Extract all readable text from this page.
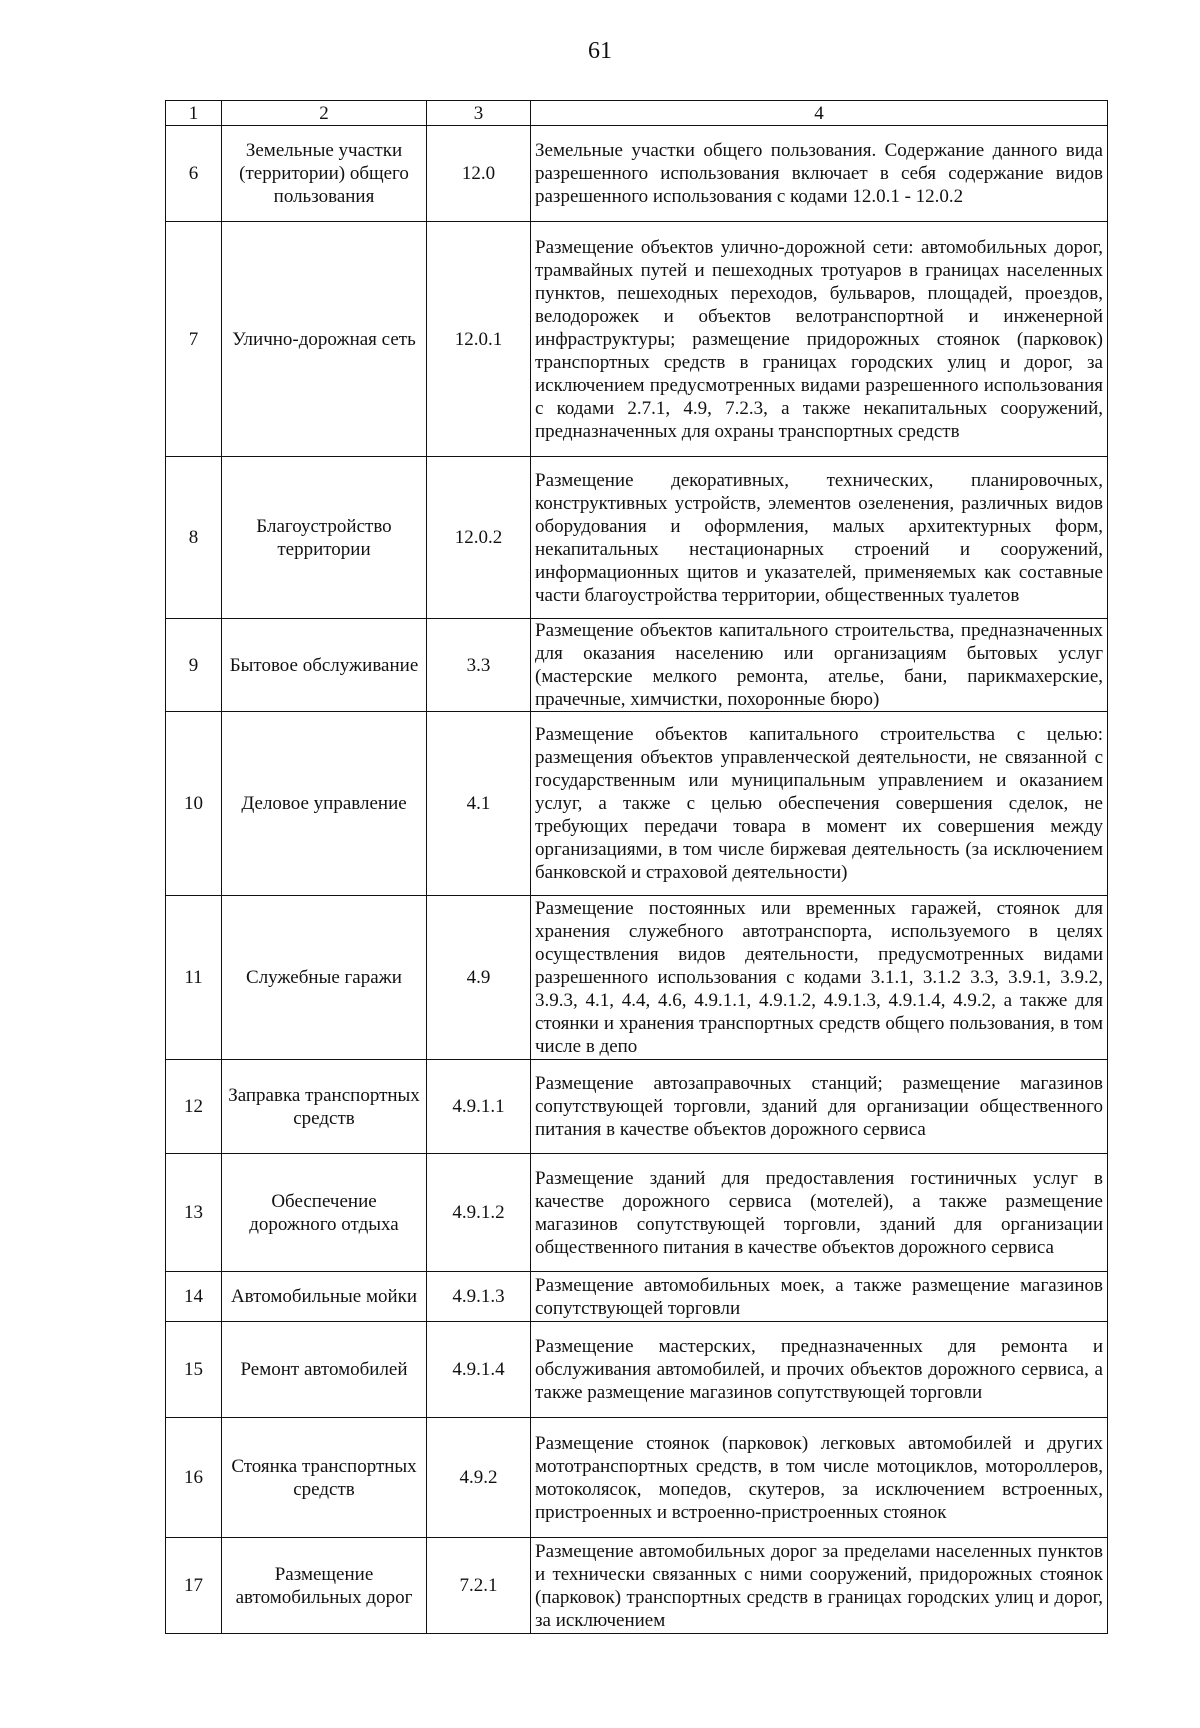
61
1	2	3	4
6	Земельные участки (территории) общего пользования	12.0	Земельные участки общего пользования. Содержание данного вида разрешенного использования включает в себя содержание видов разрешенного использования с кодами 12.0.1 - 12.0.2
7	Улично-дорожная сеть	12.0.1	Размещение объектов улично-дорожной сети: автомобильных дорог, трамвайных путей и пешеходных тротуаров в границах населенных пунктов, пешеходных переходов, бульваров, площадей, проездов, велодорожек и объектов велотранспортной и инженерной инфраструктуры; размещение придорожных стоянок (парковок) транспортных средств в границах городских улиц и дорог, за исключением предусмотренных видами разрешенного использования с кодами 2.7.1, 4.9, 7.2.3, а также некапитальных сооружений, предназначенных для охраны транспортных средств
8	Благоустройство территории	12.0.2	Размещение декоративных, технических, планировочных, конструктивных устройств, элементов озеленения, различных видов оборудования и оформления, малых архитектурных форм, некапитальных нестационарных строений и сооружений, информационных щитов и указателей, применяемых как составные части благоустройства территории, общественных туалетов
9	Бытовое обслуживание	3.3	Размещение объектов капитального строительства, предназначенных для оказания населению или организациям бытовых услуг (мастерские мелкого ремонта, ателье, бани, парикмахерские, прачечные, химчистки, похоронные бюро)
10	Деловое управление	4.1	Размещение объектов капитального строительства с целью: размещения объектов управленческой деятельности, не связанной с государственным или муниципальным управлением и оказанием услуг, а также с целью обеспечения совершения сделок, не требующих передачи товара в момент их совершения между организациями, в том числе биржевая деятельность (за исключением банковской и страховой деятельности)
11	Служебные гаражи	4.9	Размещение постоянных или временных гаражей, стоянок для хранения служебного автотранспорта, используемого в целях осуществления видов деятельности, предусмотренных видами разрешенного использования с кодами 3.1.1, 3.1.2 3.3, 3.9.1, 3.9.2, 3.9.3, 4.1, 4.4, 4.6, 4.9.1.1, 4.9.1.2, 4.9.1.3, 4.9.1.4, 4.9.2, а также для стоянки и хранения транспортных средств общего пользования, в том числе в депо
12	Заправка транспортных средств	4.9.1.1	Размещение автозаправочных станций; размещение магазинов сопутствующей торговли, зданий для организации общественного питания в качестве объектов дорожного сервиса
13	Обеспечение дорожного отдыха	4.9.1.2	Размещение зданий для предоставления гостиничных услуг в качестве дорожного сервиса (мотелей), а также размещение магазинов сопутствующей торговли, зданий для организации общественного питания в качестве объектов дорожного сервиса
14	Автомобильные мойки	4.9.1.3	Размещение автомобильных моек, а также размещение магазинов сопутствующей торговли
15	Ремонт автомобилей	4.9.1.4	Размещение мастерских, предназначенных для ремонта и обслуживания автомобилей, и прочих объектов дорожного сервиса, а также размещение магазинов сопутствующей торговли
16	Стоянка транспортных средств	4.9.2	Размещение стоянок (парковок) легковых автомобилей и других мототранспортных средств, в том числе мотоциклов, мотороллеров, мотоколясок, мопедов, скутеров, за исключением встроенных, пристроенных и встроенно-пристроенных стоянок
17	Размещение автомобильных дорог	7.2.1	Размещение автомобильных дорог за пределами населенных пунктов и технически связанных с ними сооружений, придорожных стоянок (парковок) транспортных средств в границах городских улиц и дорог, за исключением
